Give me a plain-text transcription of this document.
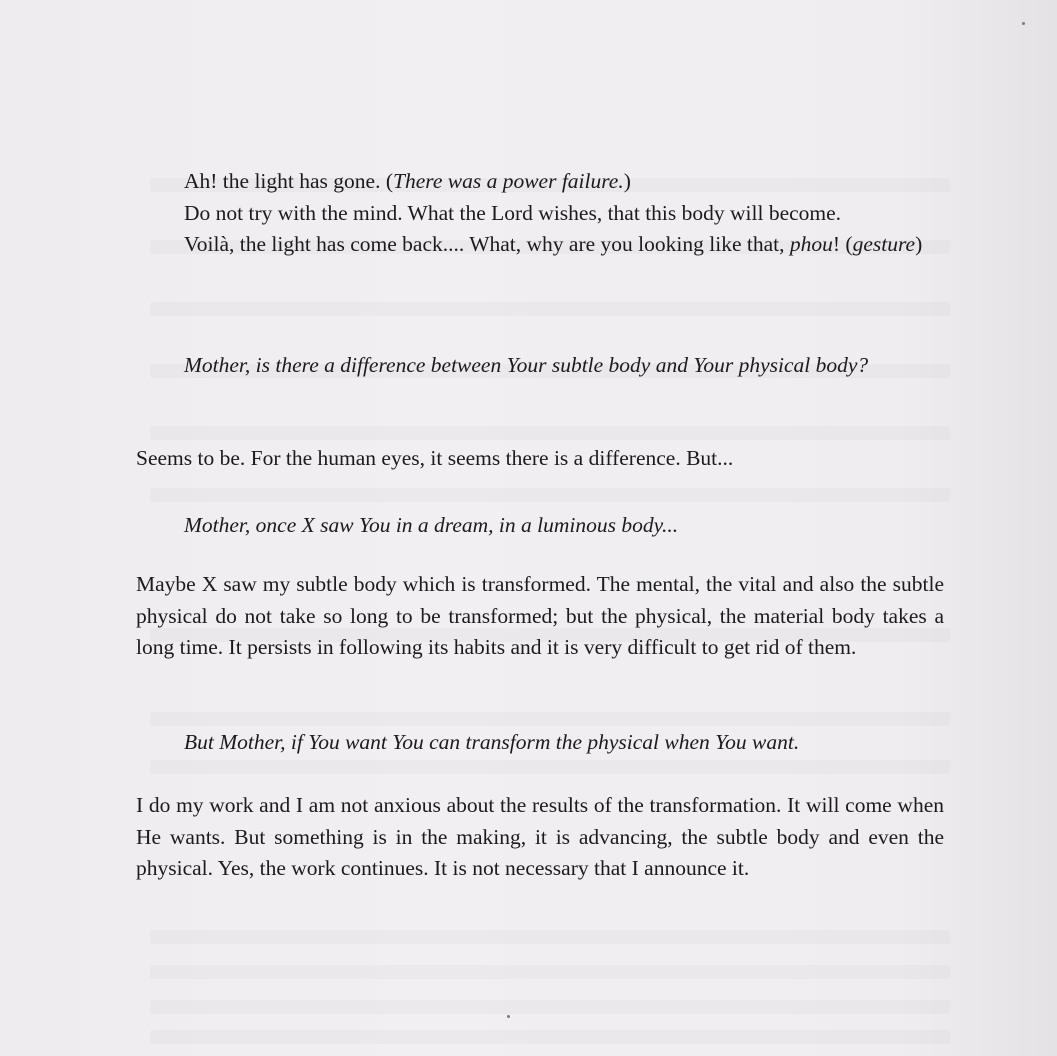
Ah! the light has gone. (There was a power failure.)

Do not try with the mind. What the Lord wishes, that this body will become.

Voilà, the light has come back.... What, why are you looking like that, phou! (gesture)

Mother, is there a difference between Your subtle body and Your physical body?

Seems to be. For the human eyes, it seems there is a difference. But...

Mother, once X saw You in a dream, in a luminous body...

Maybe X saw my subtle body which is transformed. The mental, the vital and also the subtle physical do not take so long to be transformed; but the physical, the material body takes a long time. It persists in following its habits and it is very difficult to get rid of them.

But Mother, if You want You can transform the physical when You want.

I do my work and I am not anxious about the results of the transformation. It will come when He wants. But something is in the making, it is advancing, the subtle body and even the physical. Yes, the work continues. It is not necessary that I announce it.
